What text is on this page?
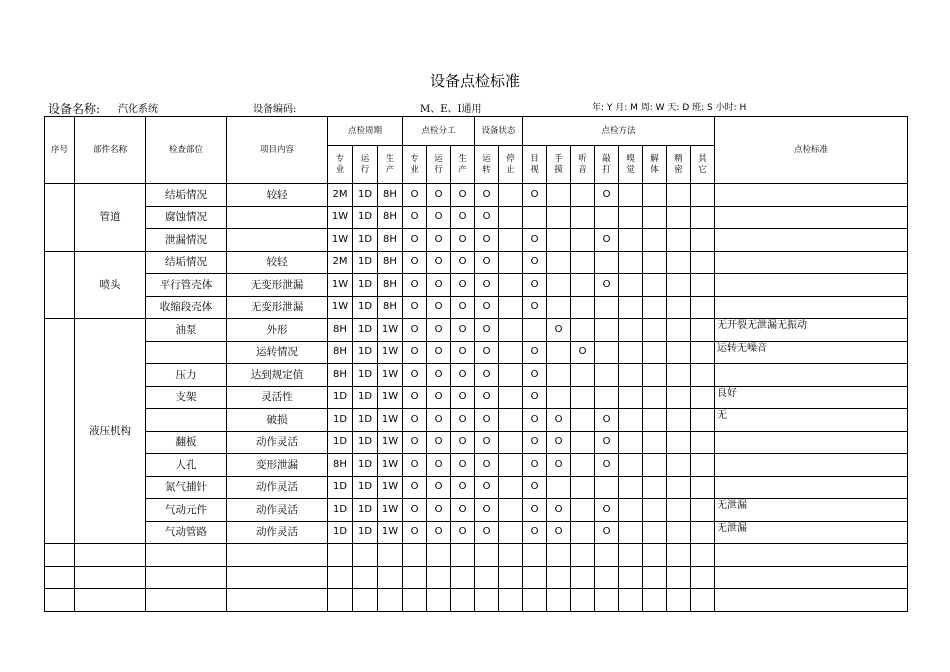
设备点检标准
设备名称: 汽化系统	设备编码:	M、E、I通用	年: Y 月: M 周: W 天: D 班: S 小时: H
序号	部件名称	检查部位	项目内容	点检周期			点检分工			设备状态		点检方法								点检标准
				专业	运行	生产	专业	运行	生产	运转	停止	目视	手摸	听音	敲打	嗅觉	解体	精密	其它	
	管道	结垢情况	较轻	2M	1D	8H	O	O	O	O		O			O					
		腐蚀情况		1W	1D	8H	O	O	O	O										
		泄漏情况		1W	1D	8H	O	O	O	O		O			O					
	喷头	结垢情况	较轻	2M	1D	8H	O	O	O	O		O								
		平行管壳体	无变形泄漏	1W	1D	8H	O	O	O	O		O			O					
		收缩段壳体	无变形泄漏	1W	1D	8H	O	O	O	O		O								
	液压机构	油泵	外形	8H	1D	1W	O	O	O	O			O							无开裂无泄漏无振动
			运转情况	8H	1D	1W	O	O	O	O		O		O						运转无噪音
		压力	达到规定值	8H	1D	1W	O	O	O	O		O								
		支架	灵活性	1D	1D	1W	O	O	O	O		O								良好
			破损	1D	1D	1W	O	O	O	O		O	O		O					无
		翻板	动作灵活	1D	1D	1W	O	O	O	O		O	O		O					
		人孔	变形泄漏	8H	1D	1W	O	O	O	O		O	O		O					
		氮气捕针	动作灵活	1D	1D	1W	O	O	O	O		O								
		气动元件	动作灵活	1D	1D	1W	O	O	O	O		O	O		O					无泄漏
		气动管路	动作灵活	1D	1D	1W	O	O	O	O		O	O		O					无泄漏
